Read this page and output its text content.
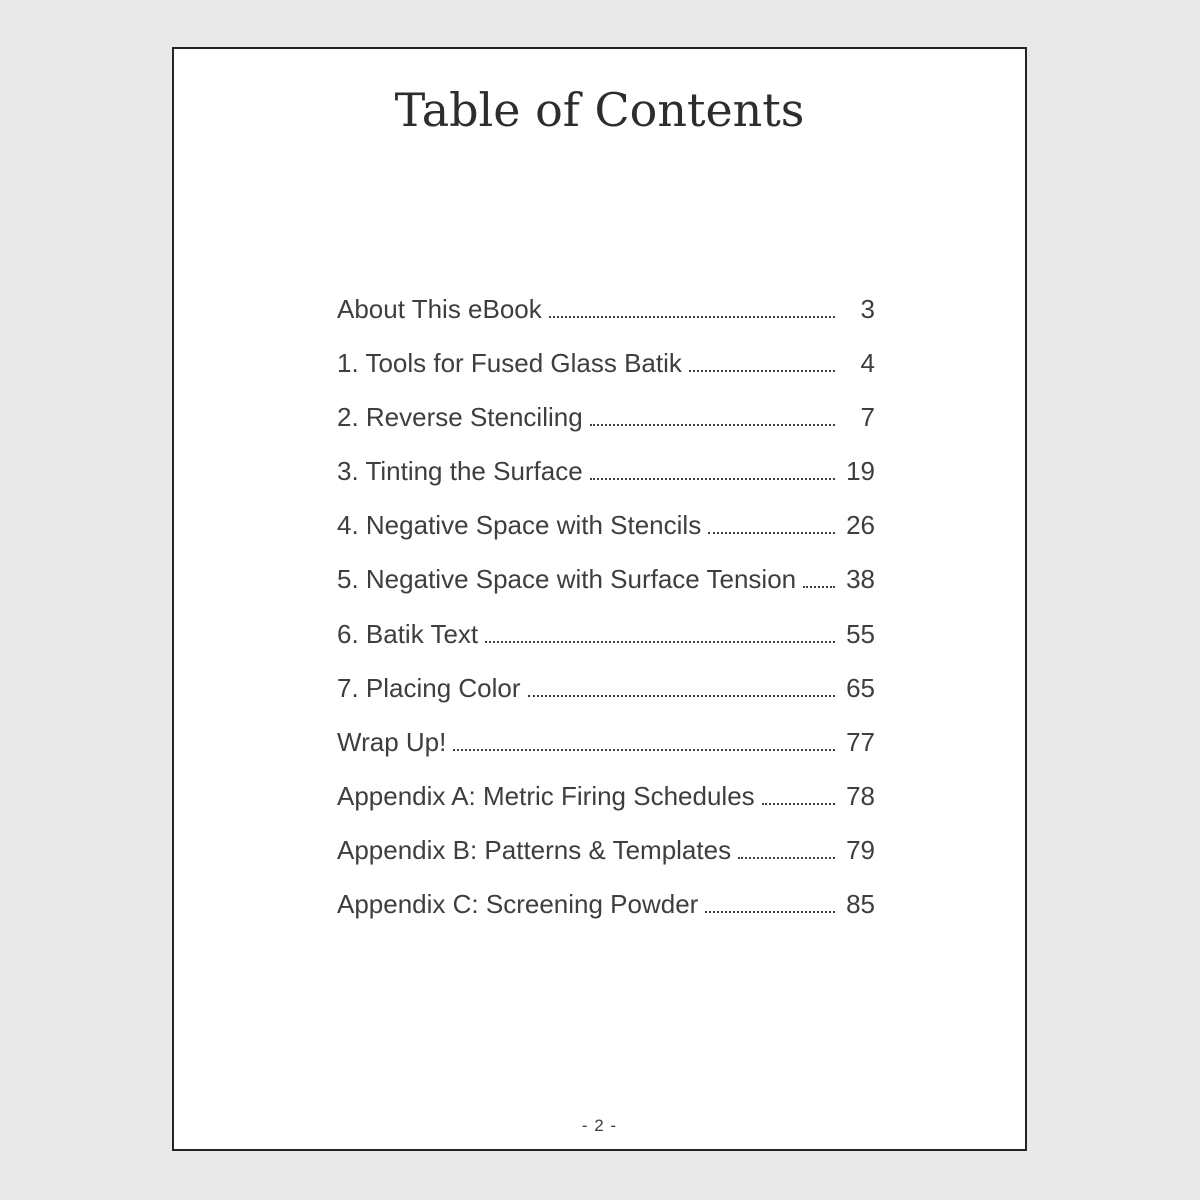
Table of Contents
About This eBook	3
1. Tools for Fused Glass Batik	4
2. Reverse Stenciling	7
3. Tinting the Surface	19
4. Negative Space with Stencils	26
5. Negative Space with Surface Tension 38
6. Batik Text	55
7. Placing Color	65
Wrap Up!	77
Appendix A: Metric Firing Schedules	78
Appendix B: Patterns & Templates	79
Appendix C: Screening Powder	85
- 2 -
